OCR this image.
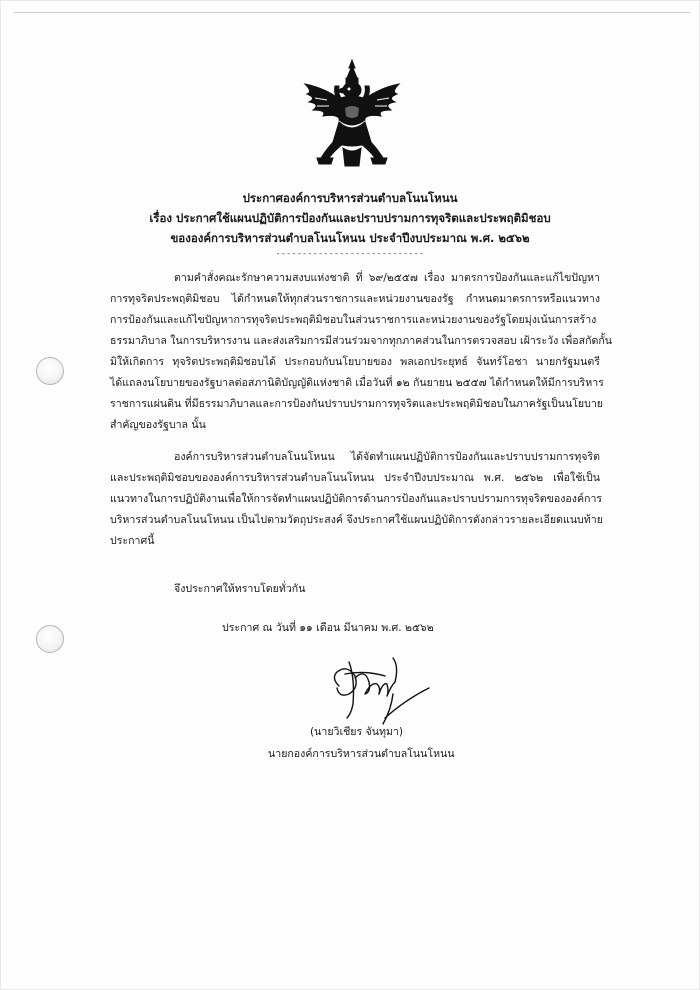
ประกาศองค์การบริหารส่วนตำบลโนนโหนน
เรื่อง ประกาศใช้แผนปฏิบัติการป้องกันและปราบปรามการทุจริตและประพฤติมิชอบ
ขององค์การบริหารส่วนตำบลโนนโหนน ประจำปีงบประมาณ พ.ศ. ๒๕๖๒
----------------------------
ตามคำสั่งคณะรักษาความสงบแห่งชาติ ที่ ๖๙/๒๕๕๗ เรื่อง มาตรการป้องกันและแก้ไขปัญหา
การทุจริตประพฤติมิชอบ ได้กำหนดให้ทุกส่วนราชการและหน่วยงานของรัฐ กำหนดมาตรการหรือแนวทาง
การป้องกันและแก้ไขปัญหาการทุจริตประพฤติมิชอบในส่วนราชการและหน่วยงานของรัฐโดยมุ่งเน้นการสร้าง
ธรรมาภิบาล ในการบริหารงาน และส่งเสริมการมีส่วนร่วมจากทุกภาคส่วนในการตรวจสอบ เฝ้าระวัง เพื่อสกัดกั้น
มิให้เกิดการ ทุจริตประพฤติมิชอบได้ ประกอบกับนโยบายของ พลเอกประยุทธ์ จันทร์โอชา นายกรัฐมนตรี
ได้แถลงนโยบายของรัฐบาลต่อสภานิติบัญญัติแห่งชาติ เมื่อวันที่ ๑๒ กันยายน ๒๕๕๗ ได้กำหนดให้มีการบริหาร
ราชการแผ่นดิน ที่มีธรรมาภิบาลและการป้องกันปราบปรามการทุจริตและประพฤติมิชอบในภาครัฐเป็นนโยบาย
สำคัญของรัฐบาล นั้น
องค์การบริหารส่วนตำบลโนนโหนน ได้จัดทำแผนปฏิบัติการป้องกันและปราบปรามการทุจริต
และประพฤติมิชอบขององค์การบริหารส่วนตำบลโนนโหนน ประจำปีงบประมาณ พ.ศ. ๒๕๖๒ เพื่อใช้เป็น
แนวทางในการปฏิบัติงานเพื่อให้การจัดทำแผนปฏิบัติการด้านการป้องกันและปราบปรามการทุจริตขององค์การ
บริหารส่วนตำบลโนนโหนน เป็นไปตามวัตถุประสงค์ จึงประกาศใช้แผนปฏิบัติการดังกล่าวรายละเอียดแนบท้าย
ประกาศนี้
จึงประกาศให้ทราบโดยทั่วกัน
ประกาศ ณ วันที่ ๑๑ เดือน มีนาคม พ.ศ. ๒๕๖๒
(นายวิเชียร จันทุมา)
นายกองค์การบริหารส่วนตำบลโนนโหนน
